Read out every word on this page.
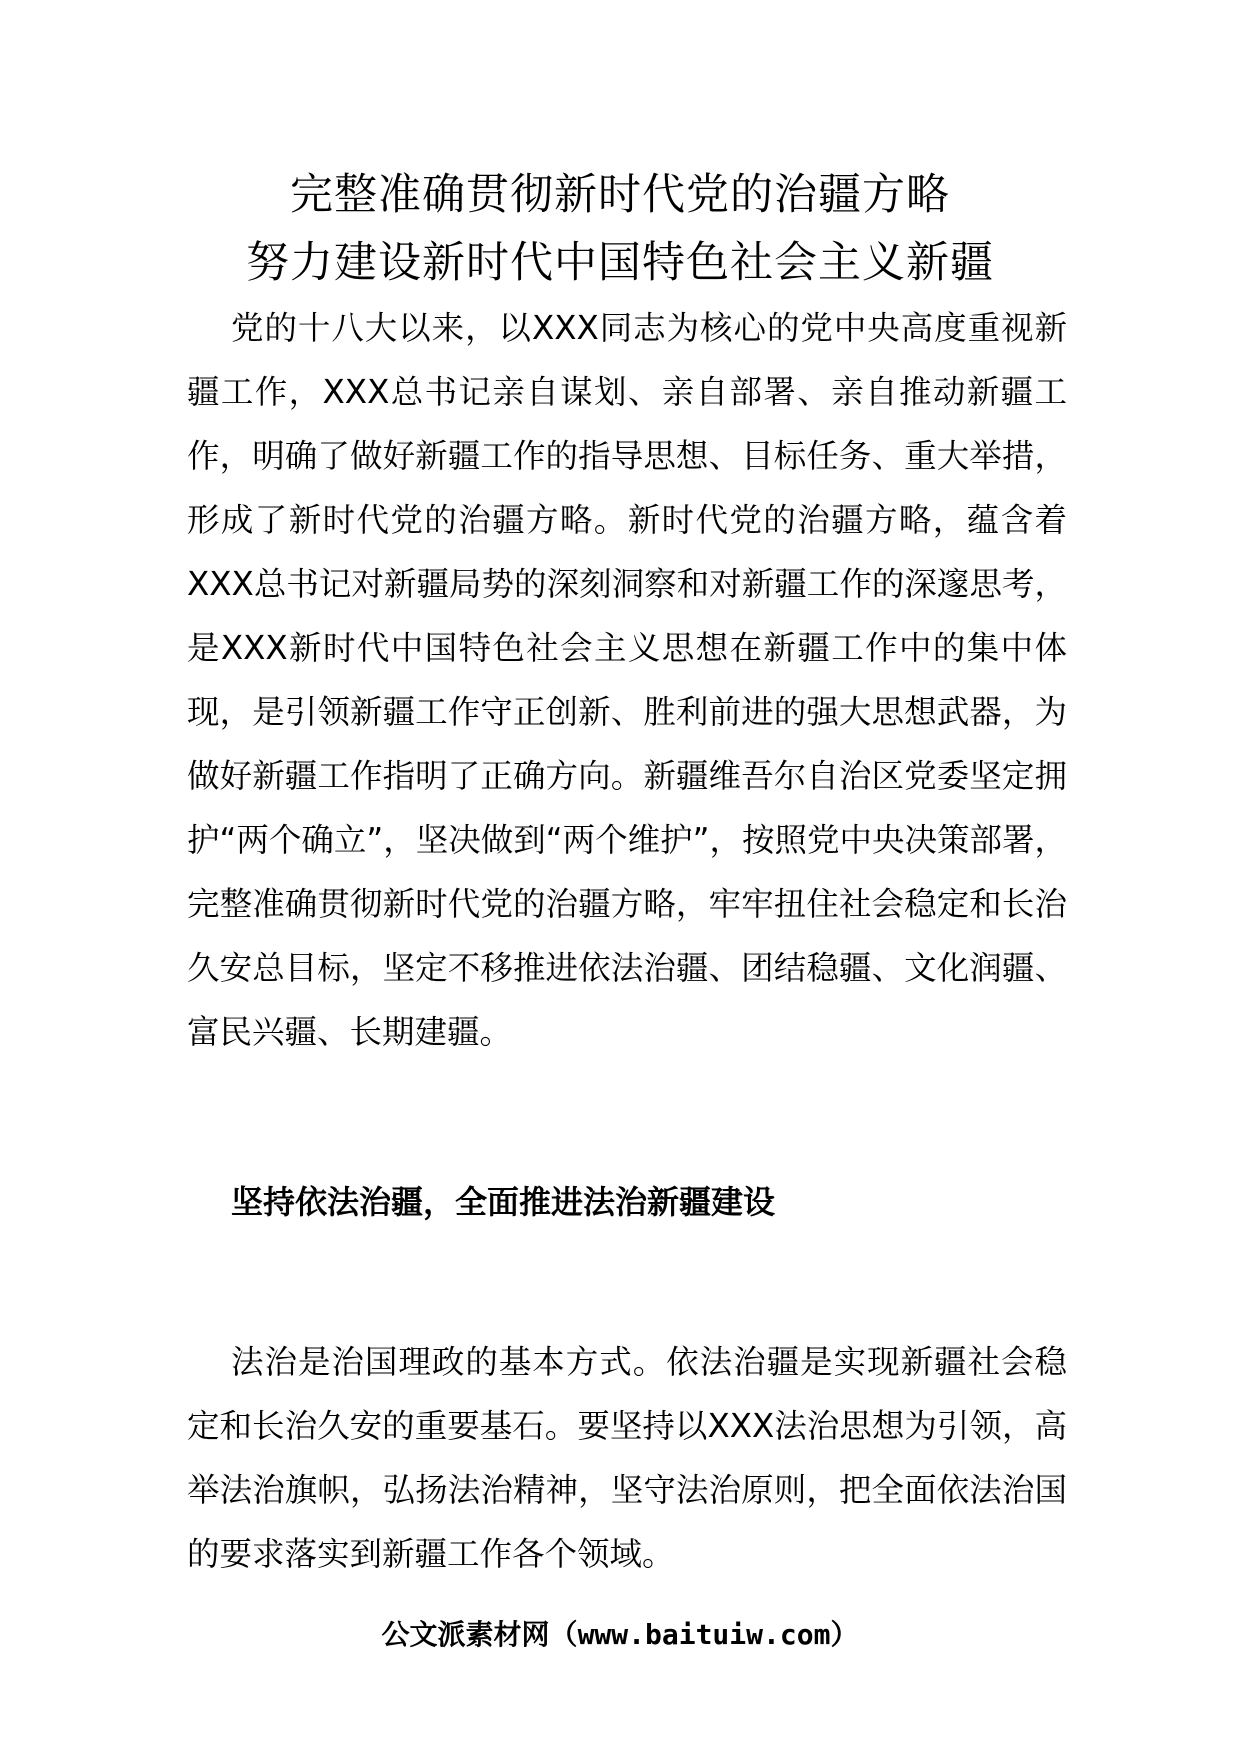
完整准确贯彻新时代党的治疆方略
努力建设新时代中国特色社会主义新疆

党的十八大以来，以XXX同志为核心的党中央高度重视新疆工作，XXX总书记亲自谋划、亲自部署、亲自推动新疆工作，明确了做好新疆工作的指导思想、目标任务、重大举措，形成了新时代党的治疆方略。新时代党的治疆方略，蕴含着XXX总书记对新疆局势的深刻洞察和对新疆工作的深邃思考，是XXX新时代中国特色社会主义思想在新疆工作中的集中体现，是引领新疆工作守正创新、胜利前进的强大思想武器，为做好新疆工作指明了正确方向。新疆维吾尔自治区党委坚定拥护“两个确立”，坚决做到“两个维护”，按照党中央决策部署，完整准确贯彻新时代党的治疆方略，牢牢扭住社会稳定和长治久安总目标，坚定不移推进依法治疆、团结稳疆、文化润疆、富民兴疆、长期建疆。

坚持依法治疆，全面推进法治新疆建设

法治是治国理政的基本方式。依法治疆是实现新疆社会稳定和长治久安的重要基石。要坚持以XXX法治思想为引领，高举法治旗帜，弘扬法治精神，坚守法治原则，把全面依法治国的要求落实到新疆工作各个领域。

公文派素材网（www.baituiw.com）
